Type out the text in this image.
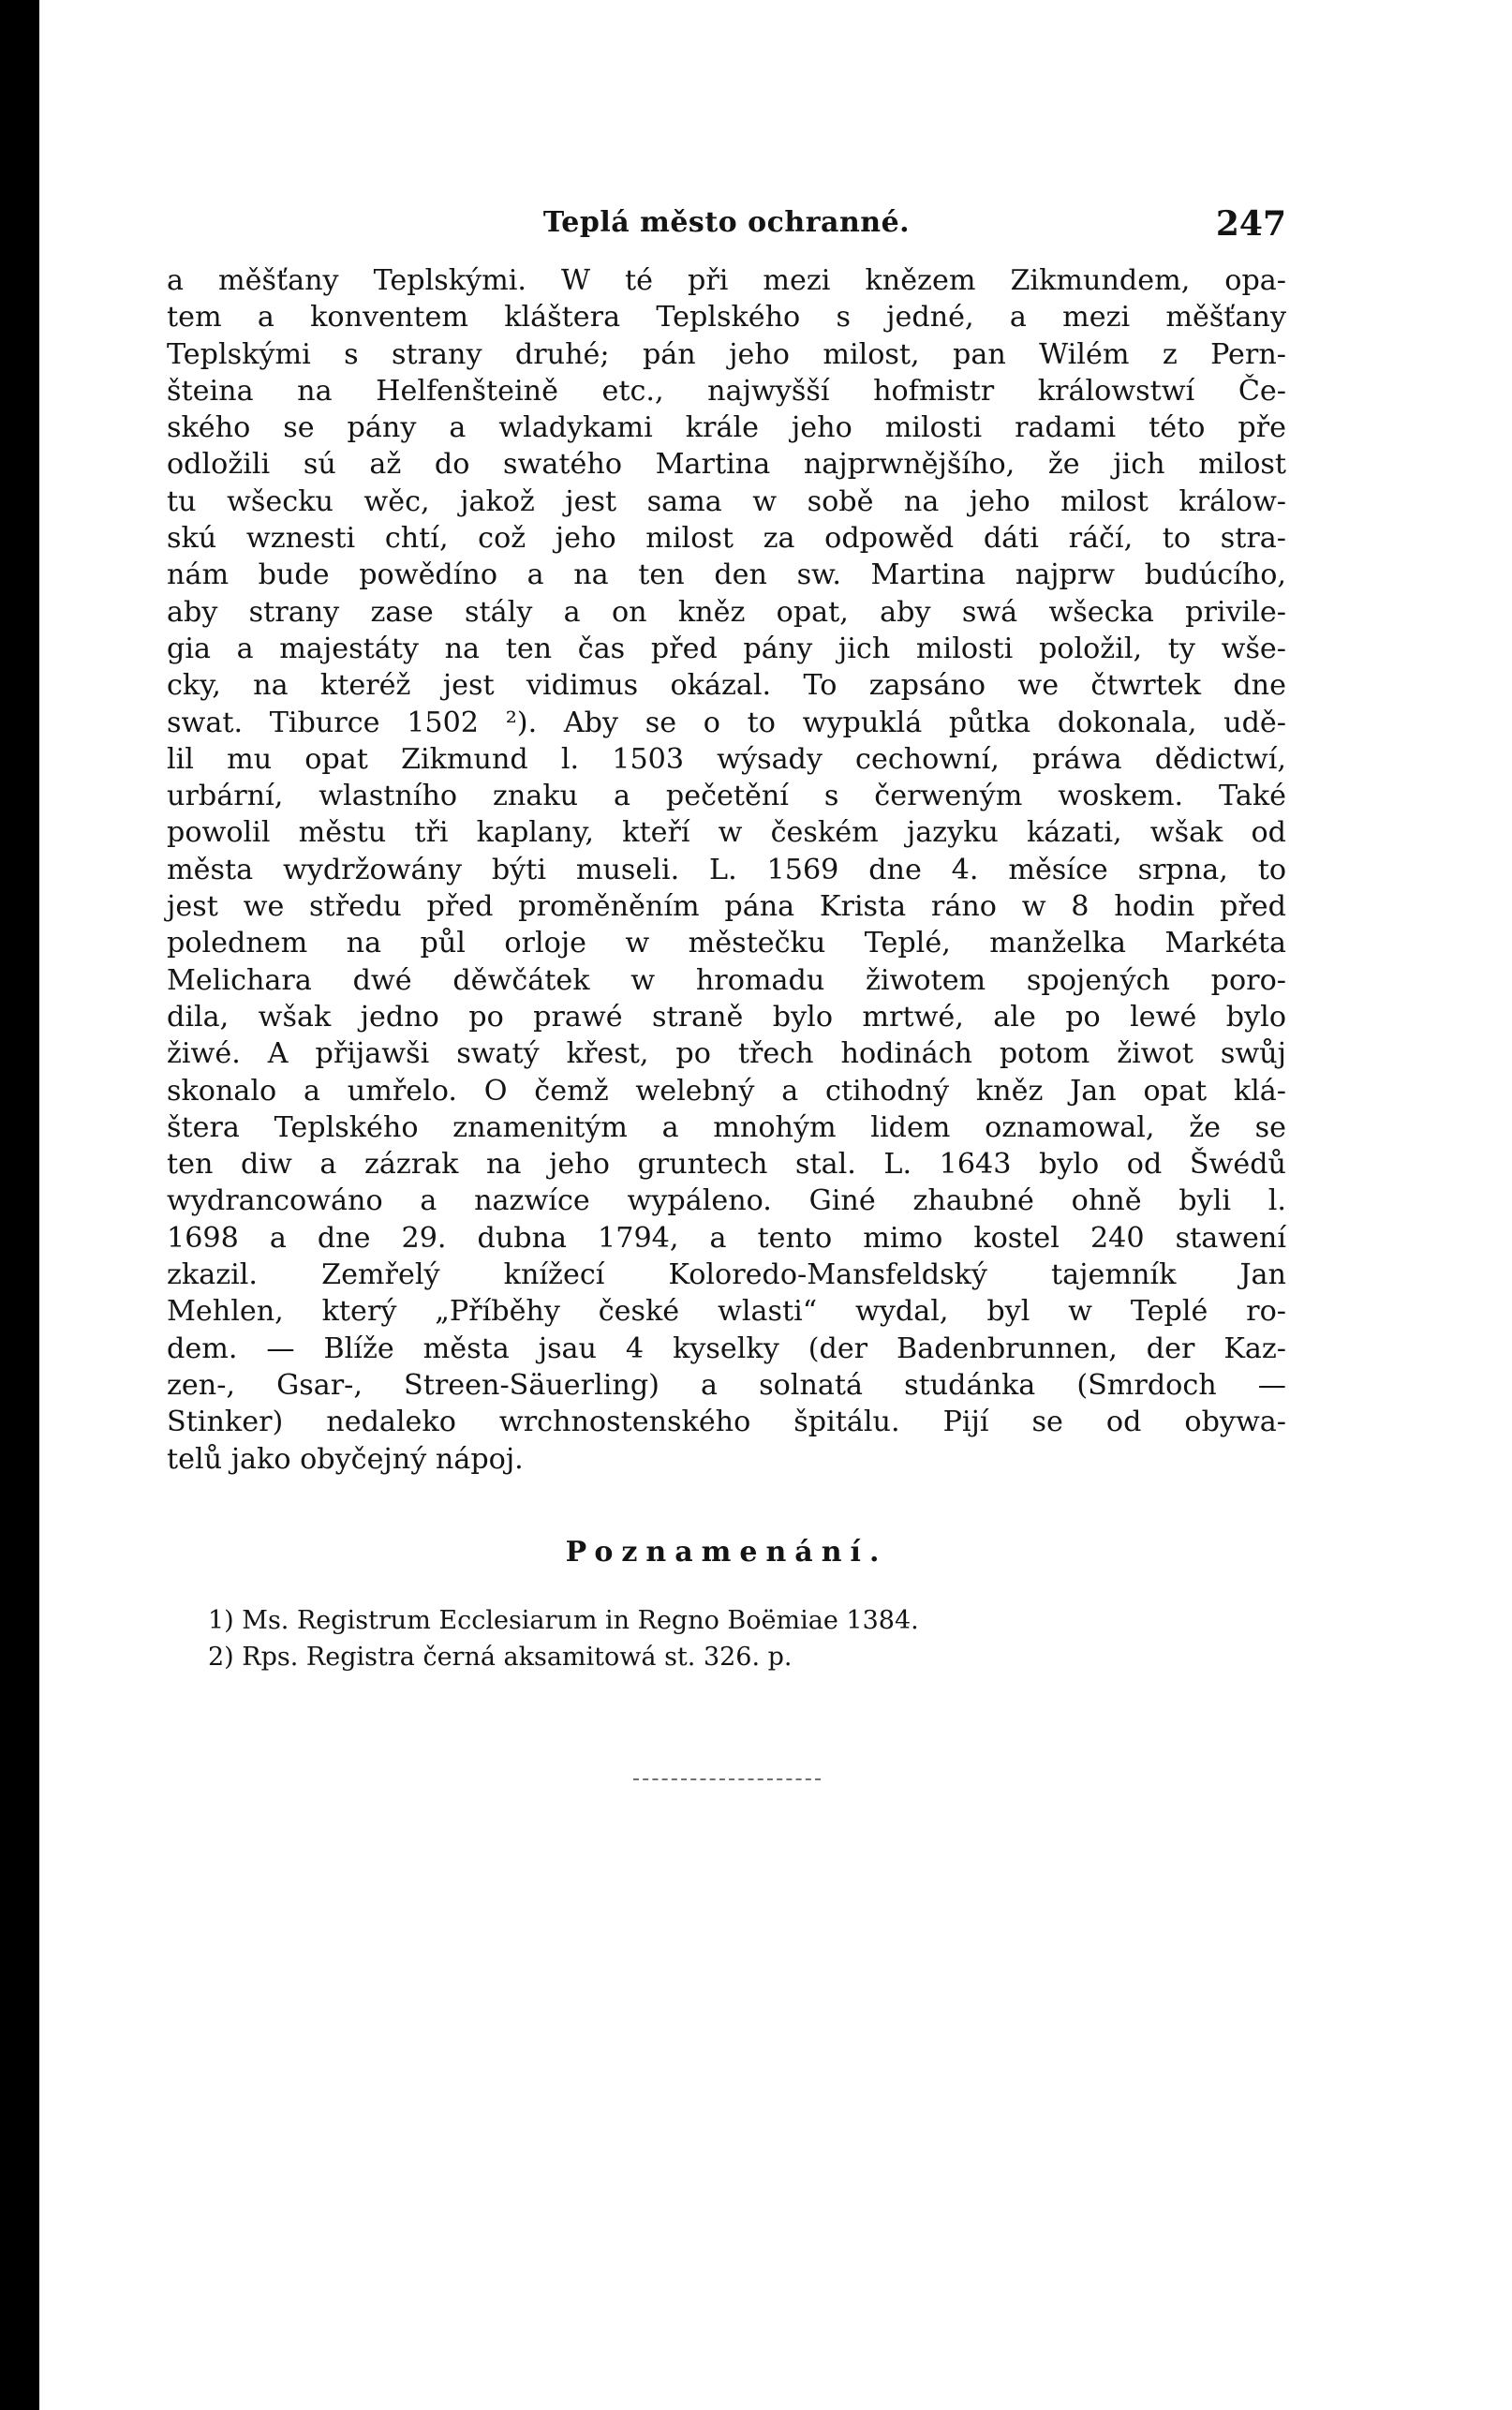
Teplá město ochranné.	247
a měšťany Teplskými. W té při mezi knězem Zikmundem, opa-
tem a konventem kláštera Teplského s jedné, a mezi měšťany
Teplskými s strany druhé; pán jeho milost, pan Wilém z Pern-
šteina na Helfenšteině etc., najwyšší hofmistr králowstwí Če-
ského se pány a wladykami krále jeho milosti radami této pře
odložili sú až do swatého Martina najprwnějšího, že jich milost
tu wšecku wěc, jakož jest sama w sobě na jeho milost králow-
skú wznesti chtí, což jeho milost za odpowěd dáti ráčí, to stra-
nám bude powědíno a na ten den sw. Martina najprw budúcího,
aby strany zase stály a on kněz opat, aby swá wšecka privile-
gia a majestáty na ten čas před pány jich milosti položil, ty wše-
cky, na kteréž jest vidimus okázal. To zapsáno we čtwrtek dne
swat. Tiburce 1502 ²). Aby se o to wypuklá půtka dokonala, udě-
lil mu opat Zikmund l. 1503 wýsady cechowní, práwa dědictwí,
urbární, wlastního znaku a pečetění s čerweným woskem. Také
powolil městu tři kaplany, kteří w českém jazyku kázati, wšak od
města wydržowány býti museli. L. 1569 dne 4. měsíce srpna, to
jest we středu před proměněním pána Krista ráno w 8 hodin před
polednem na půl orloje w městečku Teplé, manželka Markéta
Melichara dwé děwčátek w hromadu žiwotem spojených poro-
dila, wšak jedno po prawé straně bylo mrtwé, ale po lewé bylo
žiwé. A přijawši swatý křest, po třech hodinách potom žiwot swůj
skonalo a umřelo. O čemž welebný a ctihodný kněz Jan opat klá-
štera Teplského znamenitým a mnohým lidem oznamowal, že se
ten diw a zázrak na jeho gruntech stal. L. 1643 bylo od Šwédů
wydrancowáno a nazwíce wypáleno. Giné zhaubné ohně byli l.
1698 a dne 29. dubna 1794, a tento mimo kostel 240 stawení
zkazil. Zemřelý knížecí Koloredo-Mansfeldský tajemník Jan
Mehlen, který „Příběhy české wlasti“ wydal, byl w Teplé ro-
dem. — Blíže města jsau 4 kyselky (der Badenbrunnen, der Kaz-
zen-, Gsar-, Streen-Säuerling) a solnatá studánka (Smrdoch —
Stinker) nedaleko wrchnostenského špitálu. Pijí se od obywa-
telů jako obyčejný nápoj.
Poznamenání.
1) Ms. Registrum Ecclesiarum in Regno Boëmiae 1384.
2) Rps. Registra černá aksamitowá st. 326. p.
